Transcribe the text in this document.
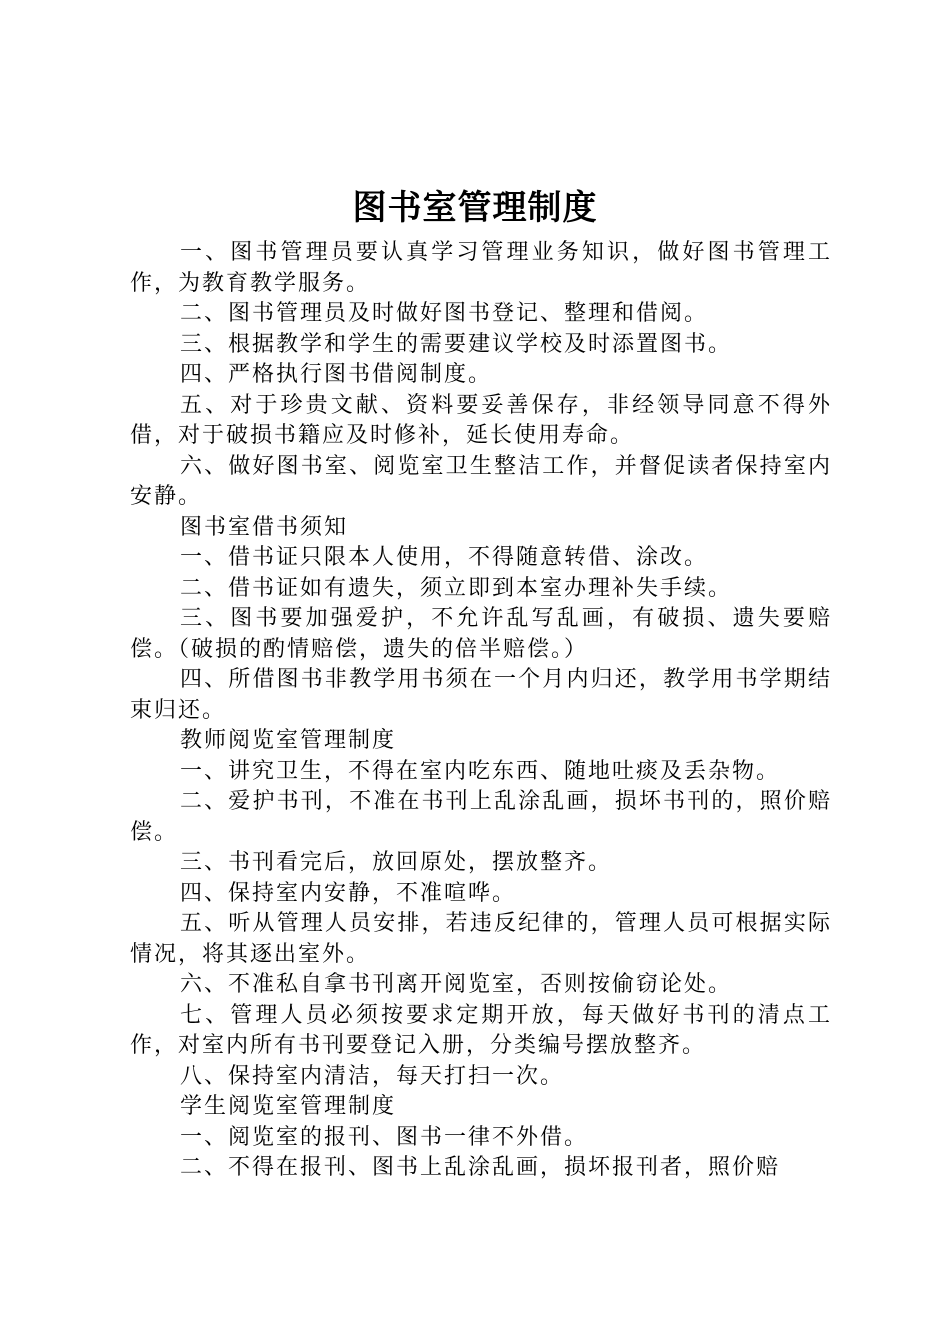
图书室管理制度

一、图书管理员要认真学习管理业务知识，做好图书管理工作，为教育教学服务。

二、图书管理员及时做好图书登记、整理和借阅。

三、根据教学和学生的需要建议学校及时添置图书。

四、严格执行图书借阅制度。

五、对于珍贵文献、资料要妥善保存，非经领导同意不得外借，对于破损书籍应及时修补，延长使用寿命。

六、做好图书室、阅览室卫生整洁工作，并督促读者保持室内安静。

图书室借书须知

一、借书证只限本人使用，不得随意转借、涂改。

二、借书证如有遗失，须立即到本室办理补失手续。

三、图书要加强爱护，不允许乱写乱画，有破损、遗失要赔偿。（破损的酌情赔偿，遗失的倍半赔偿。）

四、所借图书非教学用书须在一个月内归还，教学用书学期结束归还。

教师阅览室管理制度

一、讲究卫生，不得在室内吃东西、随地吐痰及丢杂物。

二、爱护书刊，不准在书刊上乱涂乱画，损坏书刊的，照价赔偿。

三、书刊看完后，放回原处，摆放整齐。

四、保持室内安静，不准喧哗。

五、听从管理人员安排，若违反纪律的，管理人员可根据实际情况，将其逐出室外。

六、不准私自拿书刊离开阅览室，否则按偷窃论处。

七、管理人员必须按要求定期开放，每天做好书刊的清点工作，对室内所有书刊要登记入册，分类编号摆放整齐。

八、保持室内清洁，每天打扫一次。

学生阅览室管理制度

一、阅览室的报刊、图书一律不外借。

二、不得在报刊、图书上乱涂乱画，损坏报刊者，照价赔
